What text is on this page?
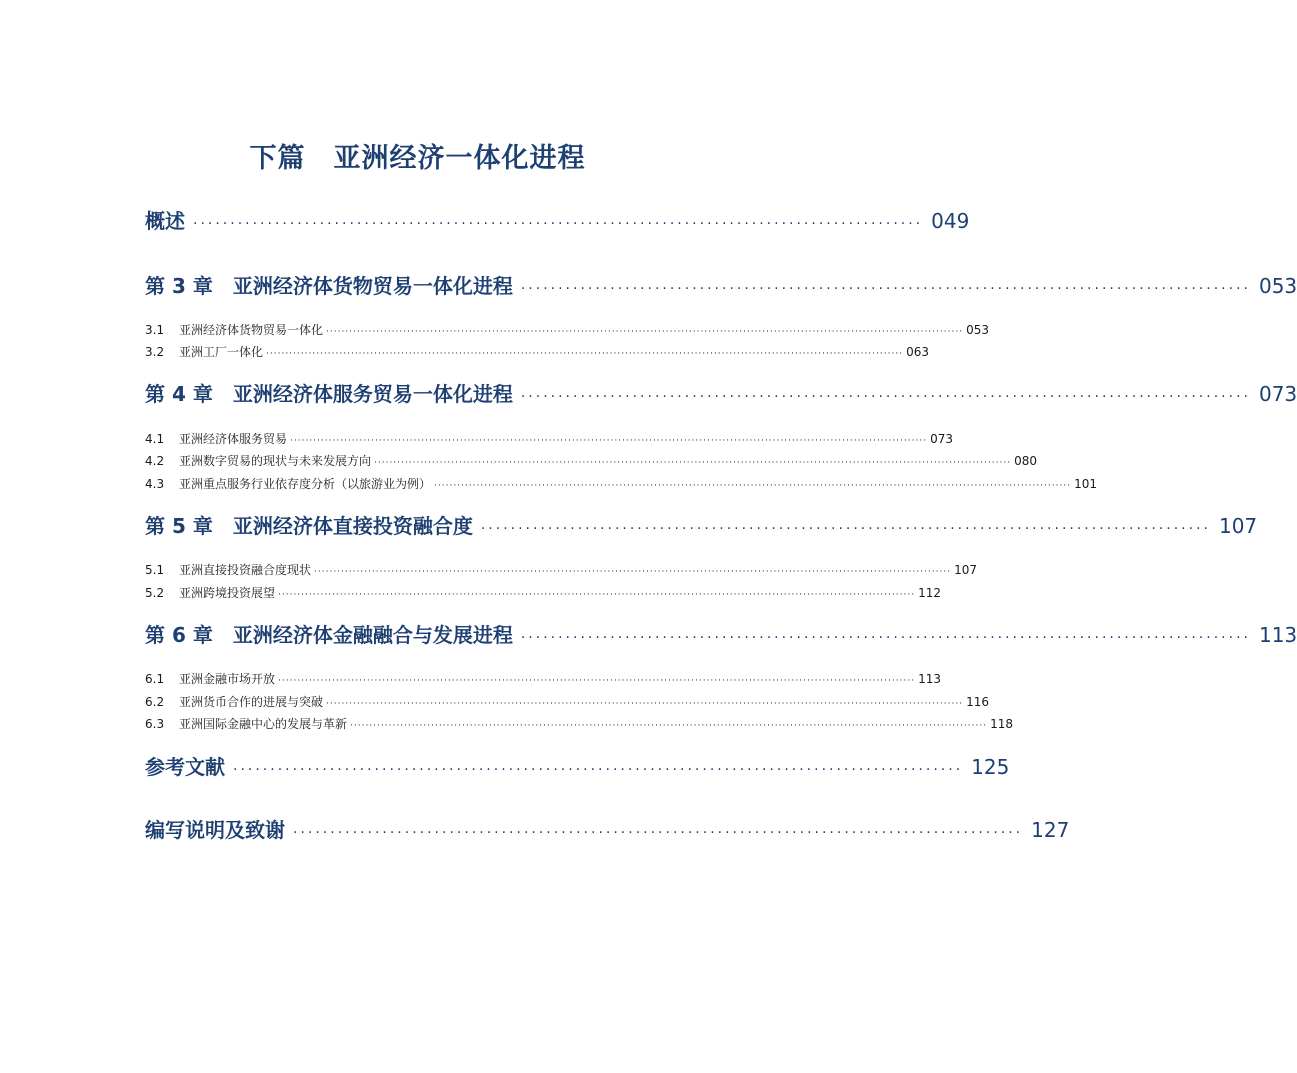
下篇　亚洲经济一体化进程
概述 ·································································································· 049
第 3 章　亚洲经济体货物贸易一体化进程 ·································································································· 053
3.1 亚洲经济体货物贸易一体化 ····································································································································································· 053
3.2 亚洲工厂一体化 ····································································································································································· 063
第 4 章　亚洲经济体服务贸易一体化进程 ·································································································· 073
4.1 亚洲经济体服务贸易 ····································································································································································· 073
4.2 亚洲数字贸易的现状与未来发展方向 ····································································································································································· 080
4.3 亚洲重点服务行业依存度分析（以旅游业为例） ····································································································································································· 101
第 5 章　亚洲经济体直接投资融合度 ·································································································· 107
5.1 亚洲直接投资融合度现状 ····································································································································································· 107
5.2 亚洲跨境投资展望 ····································································································································································· 112
第 6 章　亚洲经济体金融融合与发展进程 ·································································································· 113
6.1 亚洲金融市场开放 ····································································································································································· 113
6.2 亚洲货币合作的进展与突破 ····································································································································································· 116
6.3 亚洲国际金融中心的发展与革新 ····································································································································································· 118
参考文献 ·································································································· 125
编写说明及致谢 ·································································································· 127
